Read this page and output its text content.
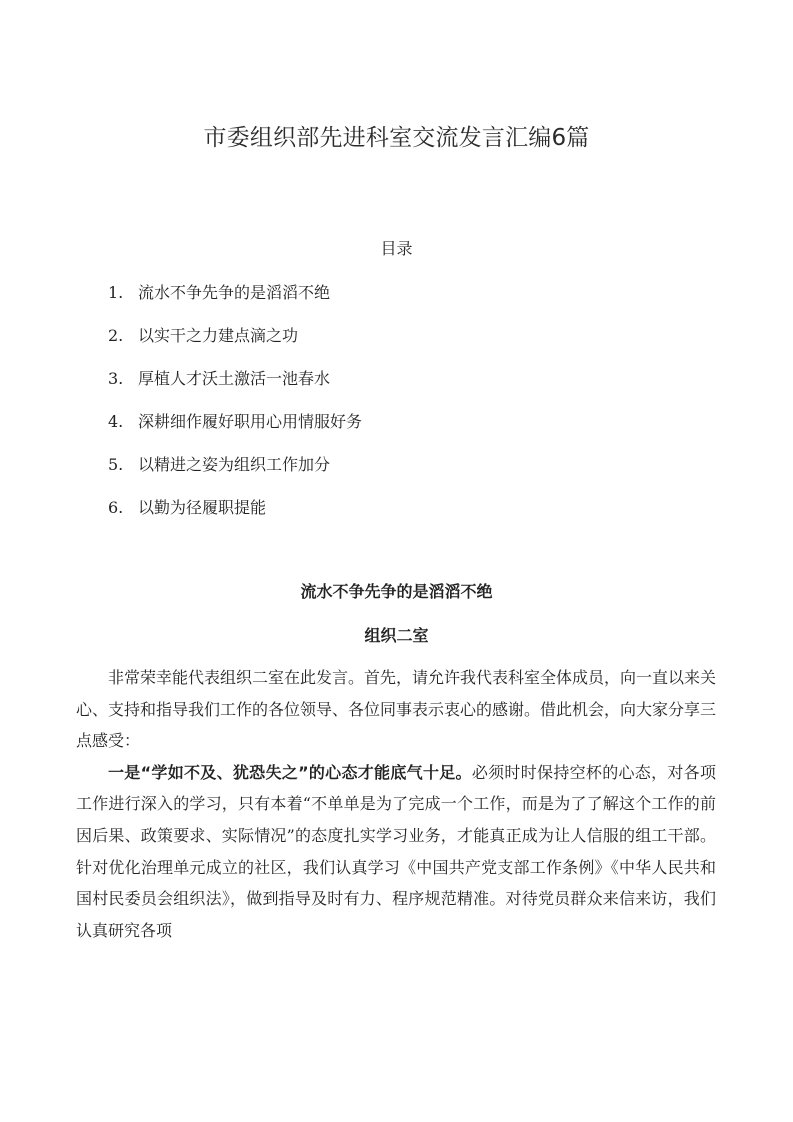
市委组织部先进科室交流发言汇编6篇
目录
1. 流水不争先争的是滔滔不绝
2. 以实干之力建点滴之功
3. 厚植人才沃土激活一池春水
4. 深耕细作履好职用心用情服好务
5. 以精进之姿为组织工作加分
6. 以勤为径履职提能
流水不争先争的是滔滔不绝
组织二室

非常荣幸能代表组织二室在此发言。首先，请允许我代表科室全体成员，向一直以来关心、支持和指导我们工作的各位领导、各位同事表示衷心的感谢。借此机会，向大家分享三点感受：

一是“学如不及、犹恐失之”的心态才能底气十足。必须时时保持空杯的心态，对各项工作进行深入的学习，只有本着“不单单是为了完成一个工作，而是为了了解这个工作的前因后果、政策要求、实际情况”的态度扎实学习业务，才能真正成为让人信服的组工干部。针对优化治理单元成立的社区，我们认真学习《中国共产党支部工作条例》《中华人民共和国村民委员会组织法》，做到指导及时有力、程序规范精准。对待党员群众来信来访，我们认真研究各项
